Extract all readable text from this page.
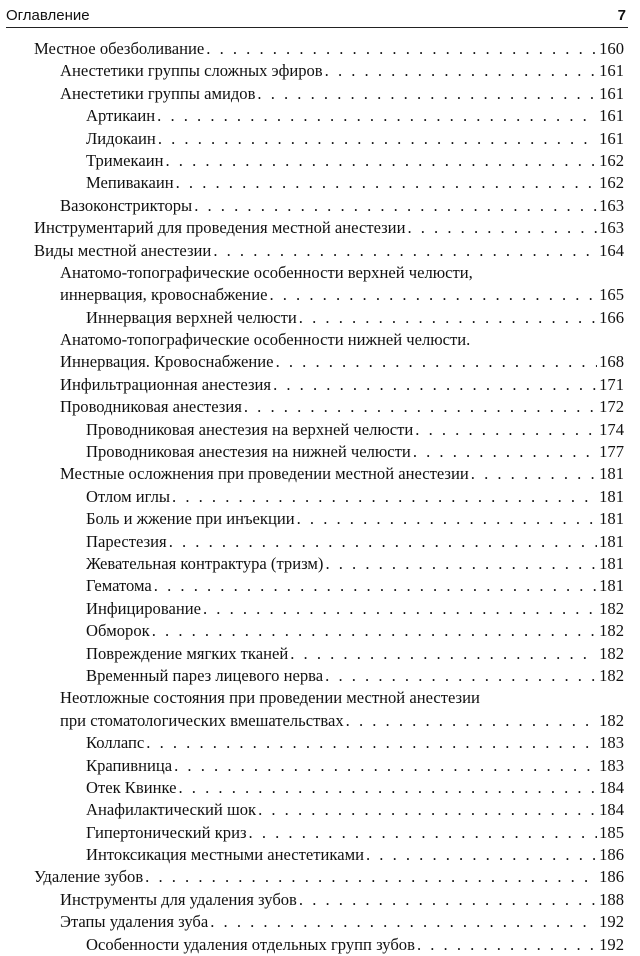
Оглавление	7
Местное обезболивание . . .	160
Анестетики группы сложных эфиров . . .	161
Анестетики группы амидов . . .	161
Артикаин . . .	161
Лидокаин . . .	161
Тримекаин . . .	162
Мепивакаин . . .	162
Вазоконстрикторы . . .	163
Инструментарий для проведения местной анестезии . . .	163
Виды местной анестезии . . .	164
Анатомо-топографические особенности верхней челюсти,
иннервация, кровоснабжение . . .	165
Иннервация верхней челюсти . . .	166
Анатомо-топографические особенности нижней челюсти.
Иннервация. Кровоснабжение . . .	168
Инфильтрационная анестезия . . .	171
Проводниковая анестезия . . .	172
Проводниковая анестезия на верхней челюсти . . .	174
Проводниковая анестезия на нижней челюсти . . .	177
Местные осложнения при проведении местной анестезии . . .	181
Отлом иглы . . .	181
Боль и жжение при инъекции . . .	181
Парестезия . . .	181
Жевательная контрактура (тризм) . . .	181
Гематома . . .	181
Инфицирование . . .	182
Обморок . . .	182
Повреждение мягких тканей . . .	182
Временный парез лицевого нерва . . .	182
Неотложные состояния при проведении местной анестезии
при стоматологических вмешательствах . . .	182
Коллапс . . .	183
Крапивница . . .	183
Отек Квинке . . .	184
Анафилактический шок . . .	184
Гипертонический криз . . .	185
Интоксикация местными анестетиками . . .	186
Удаление зубов . . .	186
Инструменты для удаления зубов . . .	188
Этапы удаления зуба . . .	192
Особенности удаления отдельных групп зубов . . .	192
